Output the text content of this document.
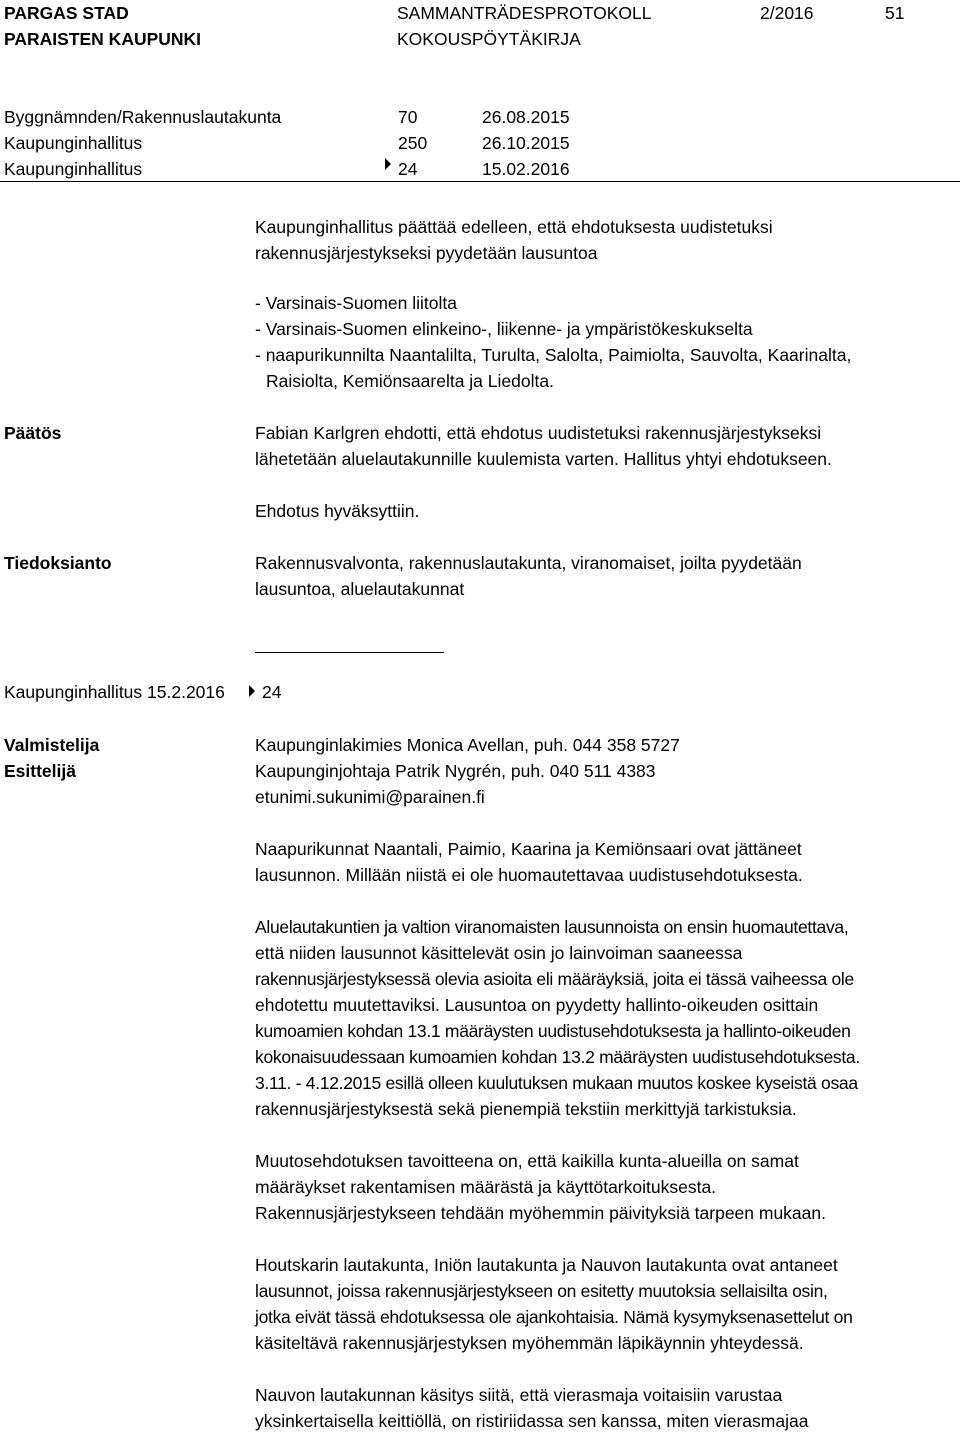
PARGAS STAD
PARAISTEN KAUPUNKI
SAMMANTRÄDESPROTOKOLL
KOKOUSPÖYTÄKIRJA
2/2016	51
Byggnämnden/Rakennuslautakunta	70	26.08.2015
Kaupunginhallitus	250	26.10.2015
Kaupunginhallitus	24	15.02.2016
Kaupunginhallitus päättää edelleen, että ehdotuksesta uudistetuksi
rakennusjärjestykseksi pyydetään lausuntoa
- Varsinais-Suomen liitolta
- Varsinais-Suomen elinkeino-, liikenne- ja ympäristökeskukselta
- naapurikunnilta Naantalilta, Turulta, Salolta, Paimiolta, Sauvolta, Kaarinalta,
Raisiolta, Kemiönsaarelta ja Liedolta.
Päätös	Fabian Karlgren ehdotti, että ehdotus uudistetuksi rakennusjärjestykseksi
lähetetään aluelautakunnille kuulemista varten. Hallitus yhtyi ehdotukseen.
Ehdotus hyväksyttiin.
Tiedoksianto	Rakennusvalvonta, rakennuslautakunta, viranomaiset, joilta pyydetään
lausuntoa, aluelautakunnat
Kaupunginhallitus 15.2.2016 24
Valmistelija	Kaupunginlakimies Monica Avellan, puh. 044 358 5727
Esittelijä	Kaupunginjohtaja Patrik Nygrén, puh. 040 511 4383
etunimi.sukunimi@parainen.fi
Naapurikunnat Naantali, Paimio, Kaarina ja Kemiönsaari ovat jättäneet
lausunnon. Millään niistä ei ole huomautettavaa uudistusehdotuksesta.
Aluelautakuntien ja valtion viranomaisten lausunnoista on ensin huomautettava,
että niiden lausunnot käsittelevät osin jo lainvoiman saaneessa
rakennusjärjestyksessä olevia asioita eli määräyksiä, joita ei tässä vaiheessa ole
ehdotettu muutettaviksi. Lausuntoa on pyydetty hallinto-oikeuden osittain
kumoamien kohdan 13.1 määräysten uudistusehdotuksesta ja hallinto-oikeuden
kokonaisuudessaan kumoamien kohdan 13.2 määräysten uudistusehdotuksesta.
3.11. - 4.12.2015 esillä olleen kuulutuksen mukaan muutos koskee kyseistä osaa
rakennusjärjestyksestä sekä pienempiä tekstiin merkittyjä tarkistuksia.
Muutosehdotuksen tavoitteena on, että kaikilla kunta-alueilla on samat
määräykset rakentamisen määrästä ja käyttötarkoituksesta.
Rakennusjärjestykseen tehdään myöhemmin päivityksiä tarpeen mukaan.
Houtskarin lautakunta, Iniön lautakunta ja Nauvon lautakunta ovat antaneet
lausunnot, joissa rakennusjärjestykseen on esitetty muutoksia sellaisilta osin,
jotka eivät tässä ehdotuksessa ole ajankohtaisia. Nämä kysymyksenasettelut on
käsiteltävä rakennusjärjestyksen myöhemmän läpikäynnin yhteydessä.
Nauvon lautakunnan käsitys siitä, että vierasmaja voitaisiin varustaa
yksinkertaisella keittiöllä, on ristiriidassa sen kanssa, miten vierasmajaa
